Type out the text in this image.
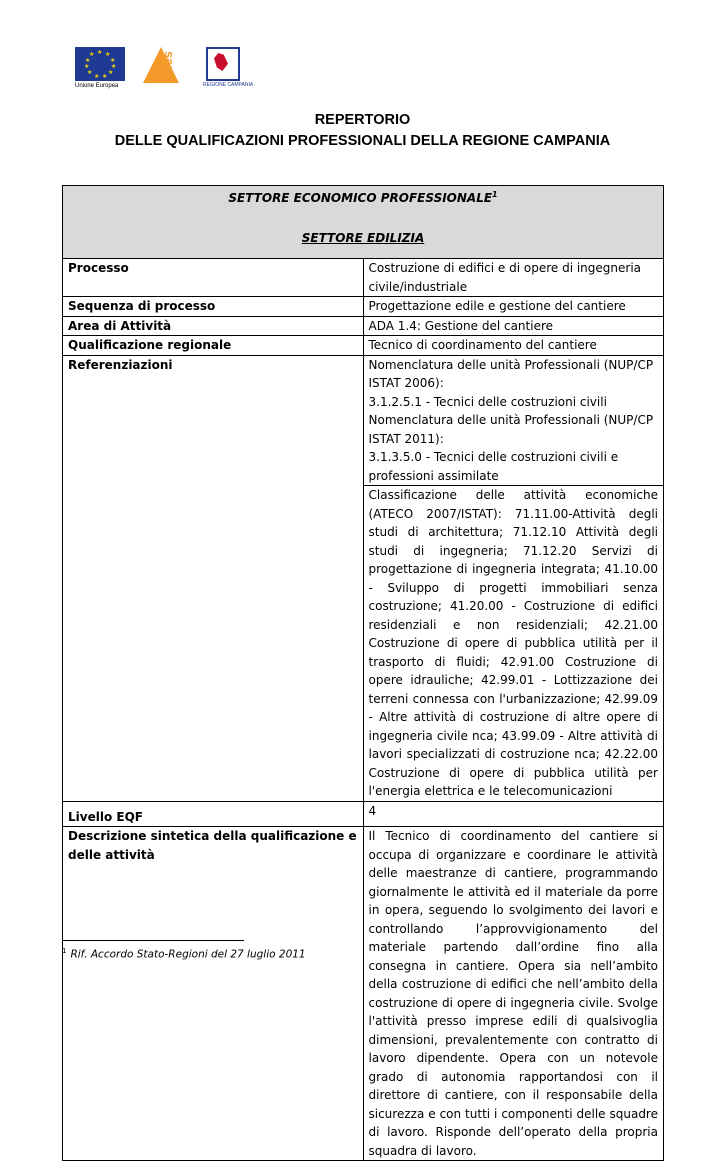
★ ★
★
★
★
★
★
★
★
★
★
Unione Europea
Ar san
REGIONE CAMPANIA
REPERTORIO
DELLE QUALIFICAZIONI PROFESSIONALI DELLA REGIONE CAMPANIA
SETTORE ECONOMICO PROFESSIONALE$^1$
SETTORE EDILIZIA	

Processo	Costruzione di edifici e di opere di ingegneria civile/industriale
Sequenza di processo	Progettazione edile e gestione del cantiere
Area di Attività	ADA 1.4: Gestione del cantiere
Qualificazione regionale	Tecnico di coordinamento del cantiere
Referenziazioni	Nomenclatura delle unità Professionali (NUP/CP ISTAT 2006):
3.1.2.5.1 - Tecnici delle costruzioni civili
Nomenclatura delle unità Professionali (NUP/CP ISTAT 2011):
3.1.3.5.0 - Tecnici delle costruzioni civili e professioni assimilate

	Classificazione delle attività economiche (ATECO 2007/ISTAT): 71.11.00-Attività degli studi di architettura; 71.12.10 Attività degli studi di ingegneria; 71.12.20 Servizi di progettazione di ingegneria integrata; 41.10.00 - Sviluppo di progetti immobiliari senza costruzione; 41.20.00 - Costruzione di edifici residenziali e non residenziali; 42.21.00 Costruzione di opere di pubblica utilità per il trasporto di fluidi; 42.91.00 Costruzione di opere idrauliche; 42.99.01 - Lottizzazione dei terreni connessa con l'urbanizzazione; 42.99.09 - Altre attività di costruzione di altre opere di ingegneria civile nca; 43.99.09 - Altre attività di lavori specializzati di costruzione nca; 42.22.00 Costruzione di opere di pubblica utilità per l'energia elettrica e le telecomunicazioni
Livello EQF	4
Descrizione sintetica della qualificazione e delle attività	Il Tecnico di coordinamento del cantiere si occupa di organizzare e coordinare le attività delle maestranze di cantiere, programmando giornalmente le attività ed il materiale da porre in opera, seguendo lo svolgimento dei lavori e controllando l’approvvigionamento del materiale partendo dall’ordine fino alla consegna in cantiere. Opera sia nell’ambito della costruzione di edifici che nell’ambito della costruzione di opere di ingegneria civile. Svolge l'attività presso imprese edili di qualsivoglia dimensioni, prevalentemente con contratto di lavoro dipendente. Opera con un notevole grado di autonomia rapportandosi con il direttore di cantiere, con il responsabile della sicurezza e con tutti i componenti delle squadre di lavoro. Risponde dell’operato della propria squadra di lavoro.
$^1$ Rif. Accordo Stato-Regioni del 27 luglio 2011
